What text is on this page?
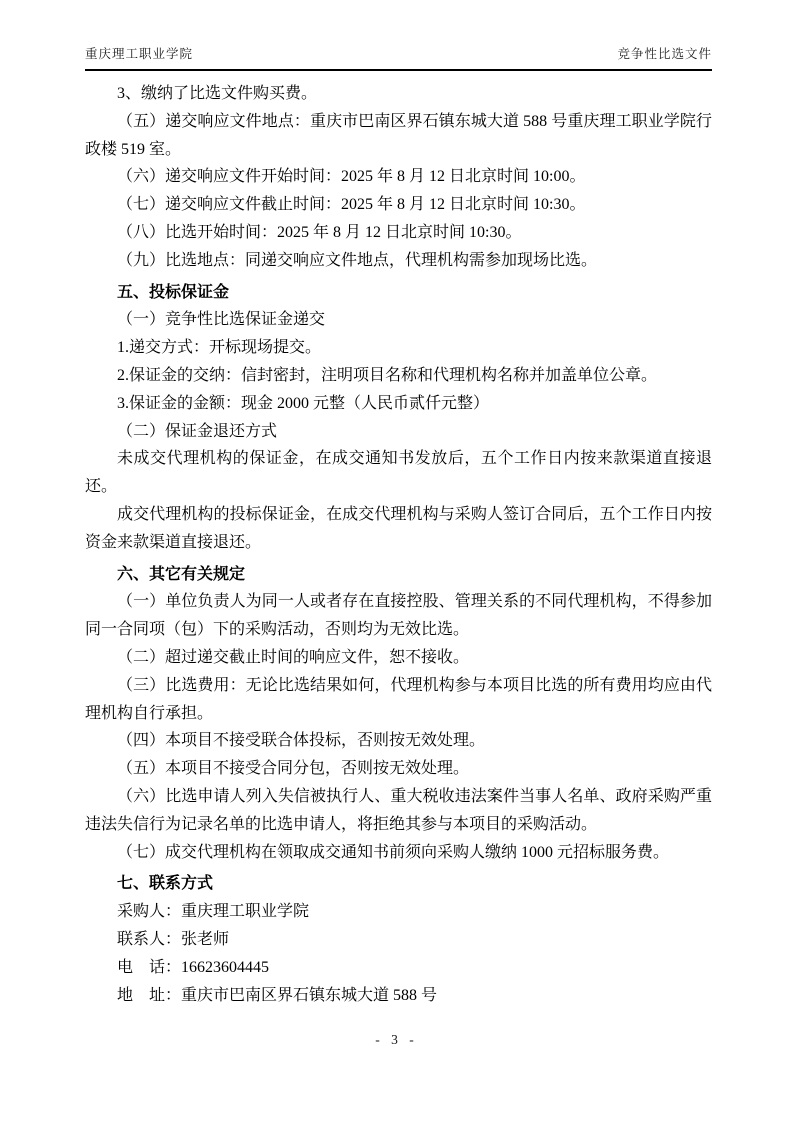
重庆理工职业学院	竞争性比选文件

3、缴纳了比选文件购买费。

（五）递交响应文件地点：重庆市巴南区界石镇东城大道 588 号重庆理工职业学院行政楼 519 室。

（六）递交响应文件开始时间：2025 年 8 月 12 日北京时间 10:00。

（七）递交响应文件截止时间：2025 年 8 月 12 日北京时间 10:30。

（八）比选开始时间：2025 年 8 月 12 日北京时间 10:30。

（九）比选地点：同递交响应文件地点，代理机构需参加现场比选。

五、投标保证金

（一）竞争性比选保证金递交

1.递交方式：开标现场提交。

2.保证金的交纳：信封密封，注明项目名称和代理机构名称并加盖单位公章。

3.保证金的金额：现金 2000 元整（人民币贰仟元整）

（二）保证金退还方式

未成交代理机构的保证金，在成交通知书发放后，五个工作日内按来款渠道直接退还。

成交代理机构的投标保证金，在成交代理机构与采购人签订合同后，五个工作日内按资金来款渠道直接退还。

六、其它有关规定

（一）单位负责人为同一人或者存在直接控股、管理关系的不同代理机构，不得参加同一合同项（包）下的采购活动，否则均为无效比选。

（二）超过递交截止时间的响应文件，恕不接收。

（三）比选费用：无论比选结果如何，代理机构参与本项目比选的所有费用均应由代理机构自行承担。

（四）本项目不接受联合体投标，否则按无效处理。

（五）本项目不接受合同分包，否则按无效处理。

（六）比选申请人列入失信被执行人、重大税收违法案件当事人名单、政府采购严重违法失信行为记录名单的比选申请人，将拒绝其参与本项目的采购活动。

（七）成交代理机构在领取成交通知书前须向采购人缴纳 1000 元招标服务费。

七、联系方式

采购人：重庆理工职业学院

联系人：张老师

电　话：16623604445

地　址：重庆市巴南区界石镇东城大道 588 号

- 3 -
